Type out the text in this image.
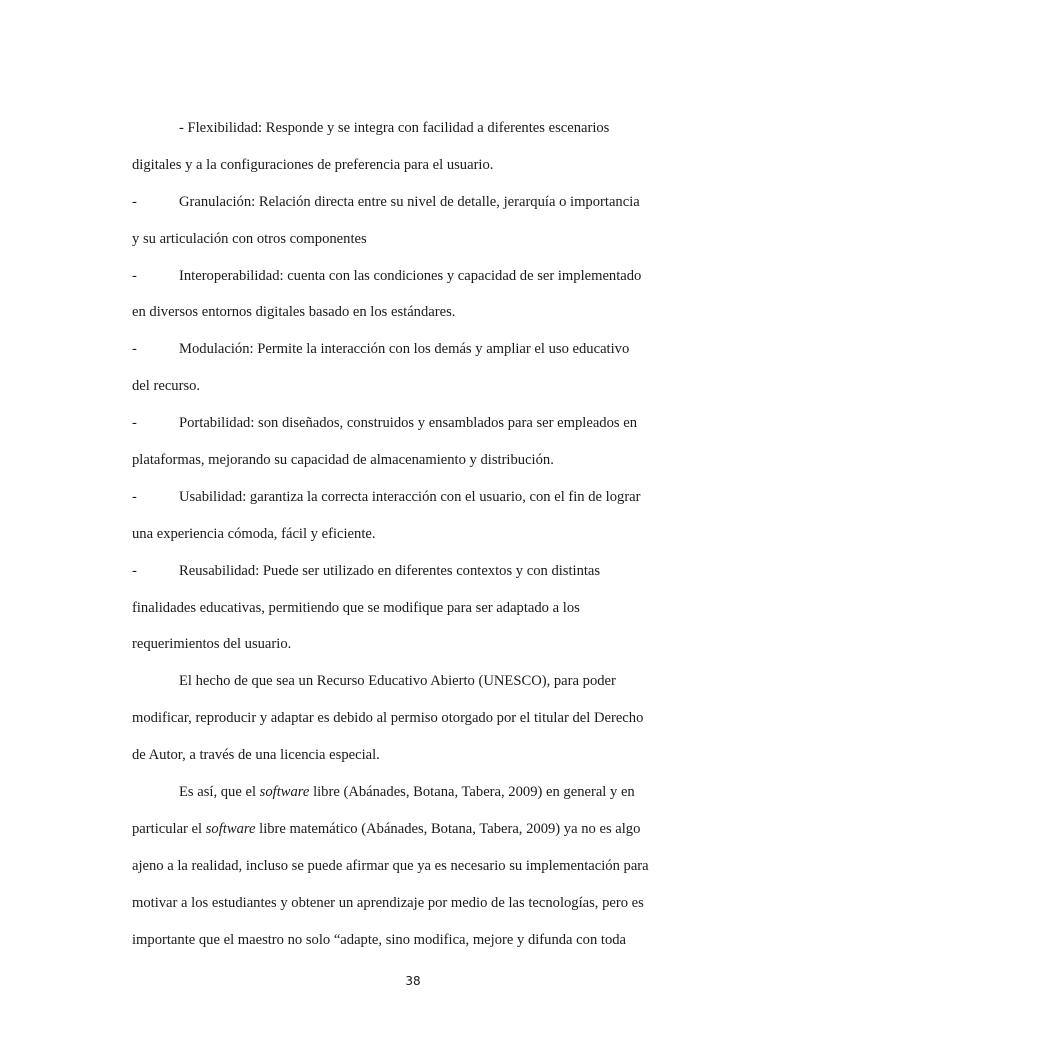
- Flexibilidad: Responde y se integra con facilidad a diferentes escenarios
digitales y a la configuraciones de preferencia para el usuario.
-	Granulación: Relación directa entre su nivel de detalle, jerarquía o importancia
y su articulación con otros componentes
-	Interoperabilidad: cuenta con las condiciones y capacidad de ser implementado
en diversos entornos digitales basado en los estándares.
-	Modulación: Permite la interacción con los demás y ampliar el uso educativo
del recurso.
-	Portabilidad: son diseñados, construidos y ensamblados para ser empleados en
plataformas, mejorando su capacidad de almacenamiento y distribución.
-	Usabilidad: garantiza la correcta interacción con el usuario, con el fin de lograr
una experiencia cómoda, fácil y eficiente.
-	Reusabilidad: Puede ser utilizado en diferentes contextos y con distintas
finalidades educativas, permitiendo que se modifique para ser adaptado a los
requerimientos del usuario.
El hecho de que sea un Recurso Educativo Abierto (UNESCO), para poder
modificar, reproducir y adaptar es debido al permiso otorgado por el titular del Derecho
de Autor, a través de una licencia especial.
Es así, que el software libre (Abánades, Botana, Tabera, 2009) en general y en
particular el software libre matemático (Abánades, Botana, Tabera, 2009) ya no es algo
ajeno a la realidad, incluso se puede afirmar que ya es necesario su implementación para
motivar a los estudiantes y obtener un aprendizaje por medio de las tecnologías, pero es
importante que el maestro no solo “adapte, sino modifica, mejore y difunda con toda
38
